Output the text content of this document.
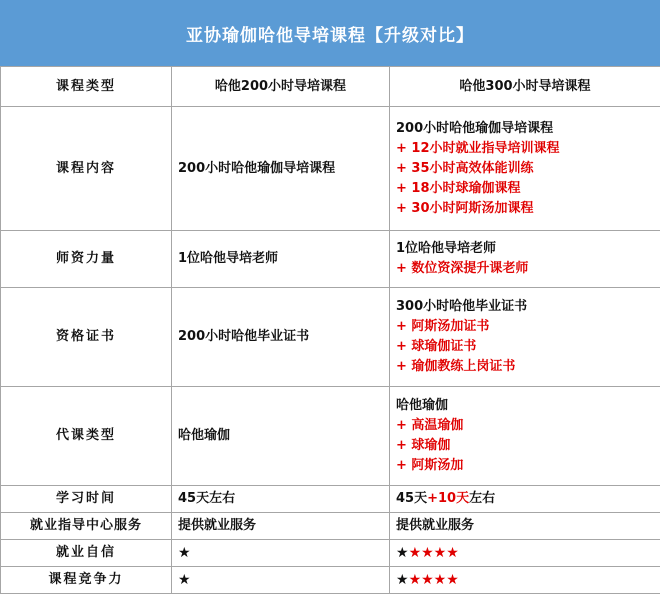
亚协瑜伽哈他导培课程【升级对比】
课程类型	哈他200小时导培课程	哈他300小时导培课程
课程内容	200小时哈他瑜伽导培课程	200小时哈他瑜伽导培课程
+ 12小时就业指导培训课程
+ 35小时高效体能训练
+ 18小时球瑜伽课程
+ 30小时阿斯汤加课程

师资力量	1位哈他导培老师	1位哈他导培老师
+ 数位资深提升课老师

资格证书	200小时哈他毕业证书	300小时哈他毕业证书
+ 阿斯汤加证书
+ 球瑜伽证书
+ 瑜伽教练上岗证书

代课类型	哈他瑜伽	哈他瑜伽
+ 高温瑜伽
+ 球瑜伽
+ 阿斯汤加

学习时间	45天左右	45天+10天左右
就业指导中心服务	提供就业服务	提供就业服务
就业自信	★	★★★★★
课程竞争力	★	★★★★★
